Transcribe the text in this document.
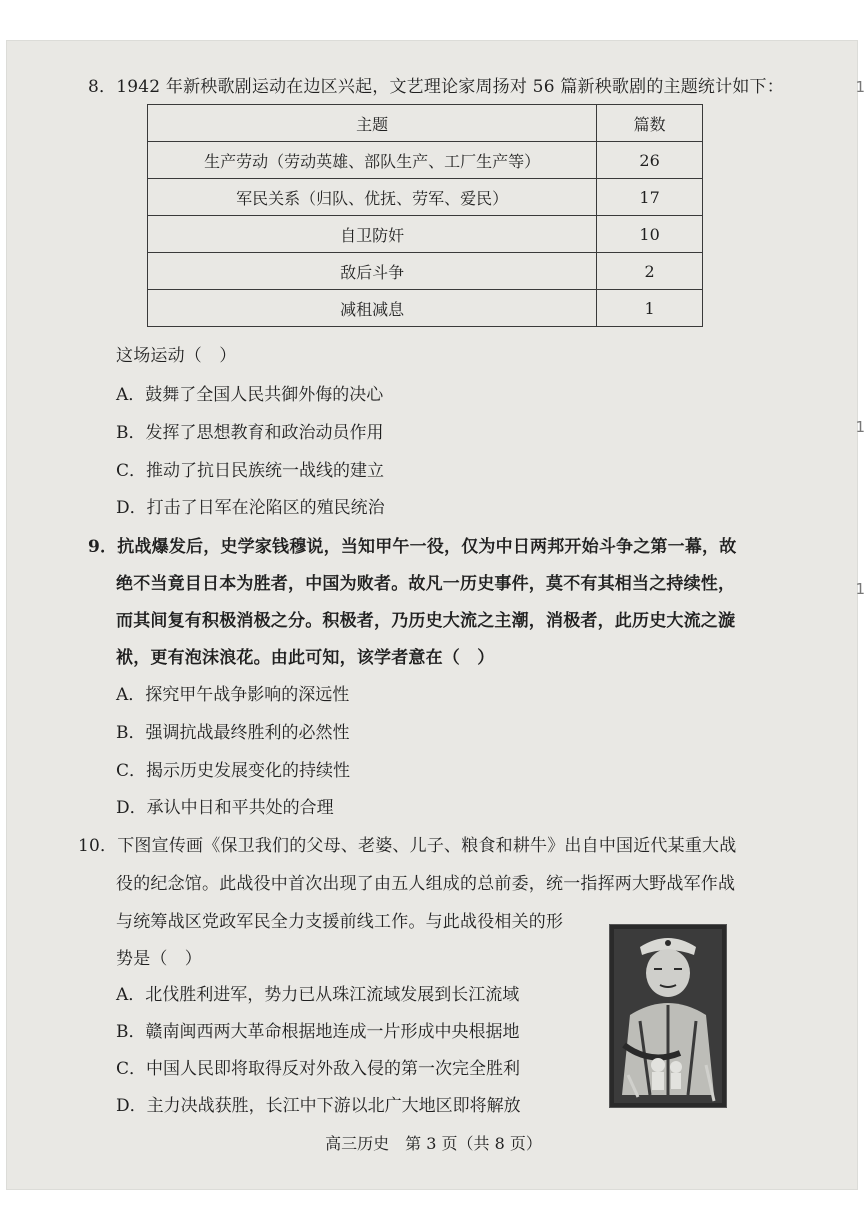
1
1
1
8．1942 年新秧歌剧运动在边区兴起，文艺理论家周扬对 56 篇新秧歌剧的主题统计如下：
主题	篇数
生产劳动（劳动英雄、部队生产、工厂生产等）	26
军民关系（归队、优抚、劳军、爱民）	17
自卫防奸	10
敌后斗争	2
减租减息	1
这场运动（　）
A．鼓舞了全国人民共御外侮的决心
B．发挥了思想教育和政治动员作用
C．推动了抗日民族统一战线的建立
D．打击了日军在沦陷区的殖民统治
9．抗战爆发后，史学家钱穆说，当知甲午一役，仅为中日两邦开始斗争之第一幕，故
绝不当竟目日本为胜者，中国为败者。故凡一历史事件，莫不有其相当之持续性，
而其间复有积极消极之分。积极者，乃历史大流之主潮，消极者，此历史大流之漩
袱，更有泡沫浪花。由此可知，该学者意在（　）
A．探究甲午战争影响的深远性
B．强调抗战最终胜利的必然性
C．揭示历史发展变化的持续性
D．承认中日和平共处的合理
10．下图宣传画《保卫我们的父母、老婆、儿子、粮食和耕牛》出自中国近代某重大战
役的纪念馆。此战役中首次出现了由五人组成的总前委，统一指挥两大野战军作战
与统筹战区党政军民全力支援前线工作。与此战役相关的形
势是（　）
A．北伐胜利进军，势力已从珠江流域发展到长江流域
B．赣南闽西两大革命根据地连成一片形成中央根据地
C．中国人民即将取得反对外敌入侵的第一次完全胜利
D．主力决战获胜，长江中下游以北广大地区即将解放
高三历史　第 3 页（共 8 页）
